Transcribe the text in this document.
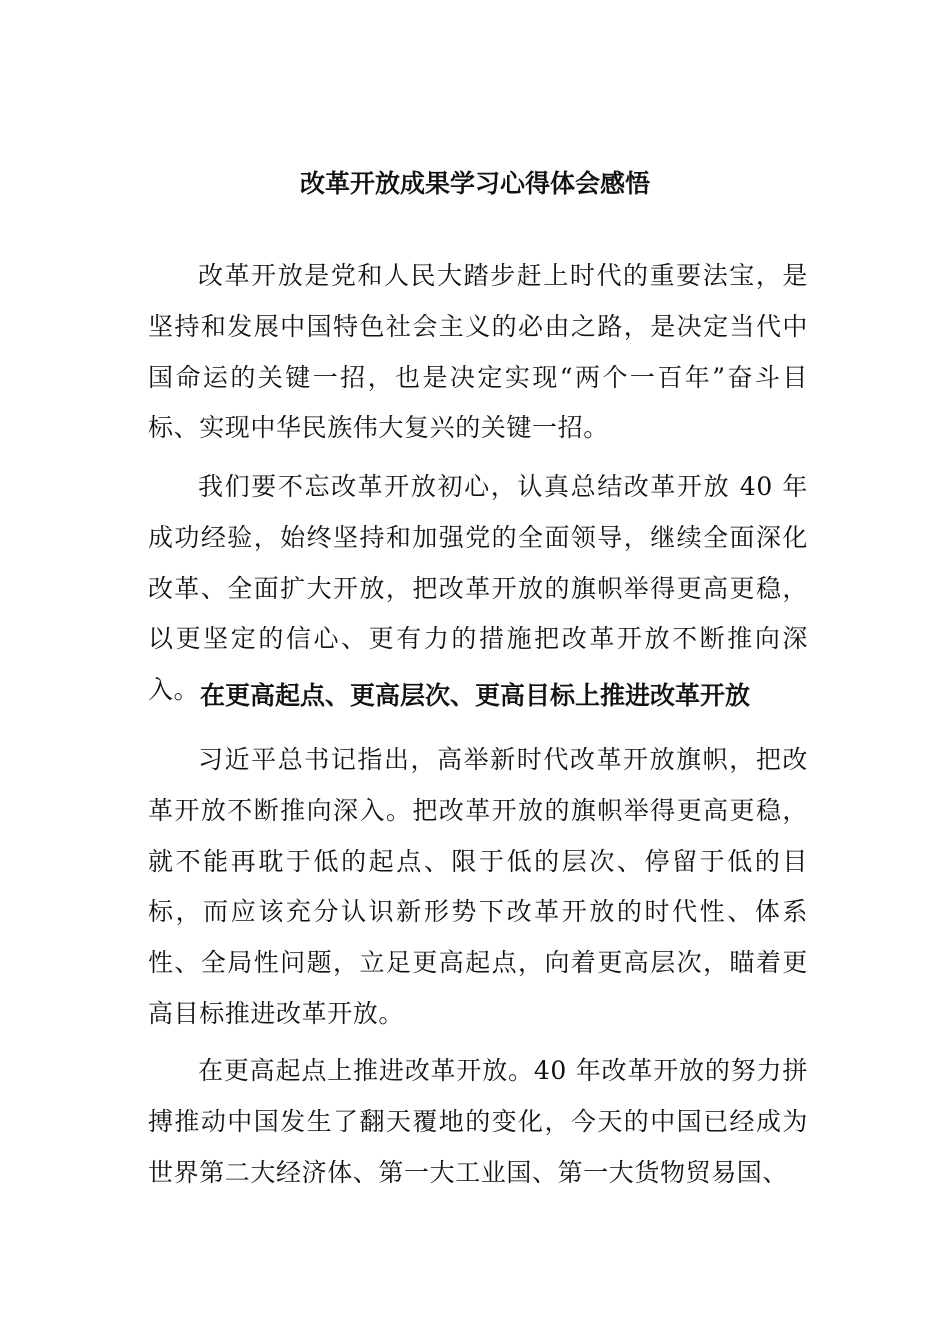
改革开放成果学习心得体会感悟

改革开放是党和人民大踏步赶上时代的重要法宝，是坚持和发展中国特色社会主义的必由之路，是决定当代中国命运的关键一招，也是决定实现“两个一百年”奋斗目标、实现中华民族伟大复兴的关键一招。

我们要不忘改革开放初心，认真总结改革开放 40 年成功经验，始终坚持和加强党的全面领导，继续全面深化改革、全面扩大开放，把改革开放的旗帜举得更高更稳，以更坚定的信心、更有力的措施把改革开放不断推向深入。 在更高起点、更高层次、更高目标上推进改革开放

习近平总书记指出，高举新时代改革开放旗帜，把改革开放不断推向深入。把改革开放的旗帜举得更高更稳，就不能再耽于低的起点、限于低的层次、停留于低的目标，而应该充分认识新形势下改革开放的时代性、体系性、全局性问题，立足更高起点，向着更高层次，瞄着更高目标推进改革开放。

在更高起点上推进改革开放。40 年改革开放的努力拼搏推动中国发生了翻天覆地的变化，今天的中国已经成为世界第二大经济体、第一大工业国、第一大货物贸易国、
